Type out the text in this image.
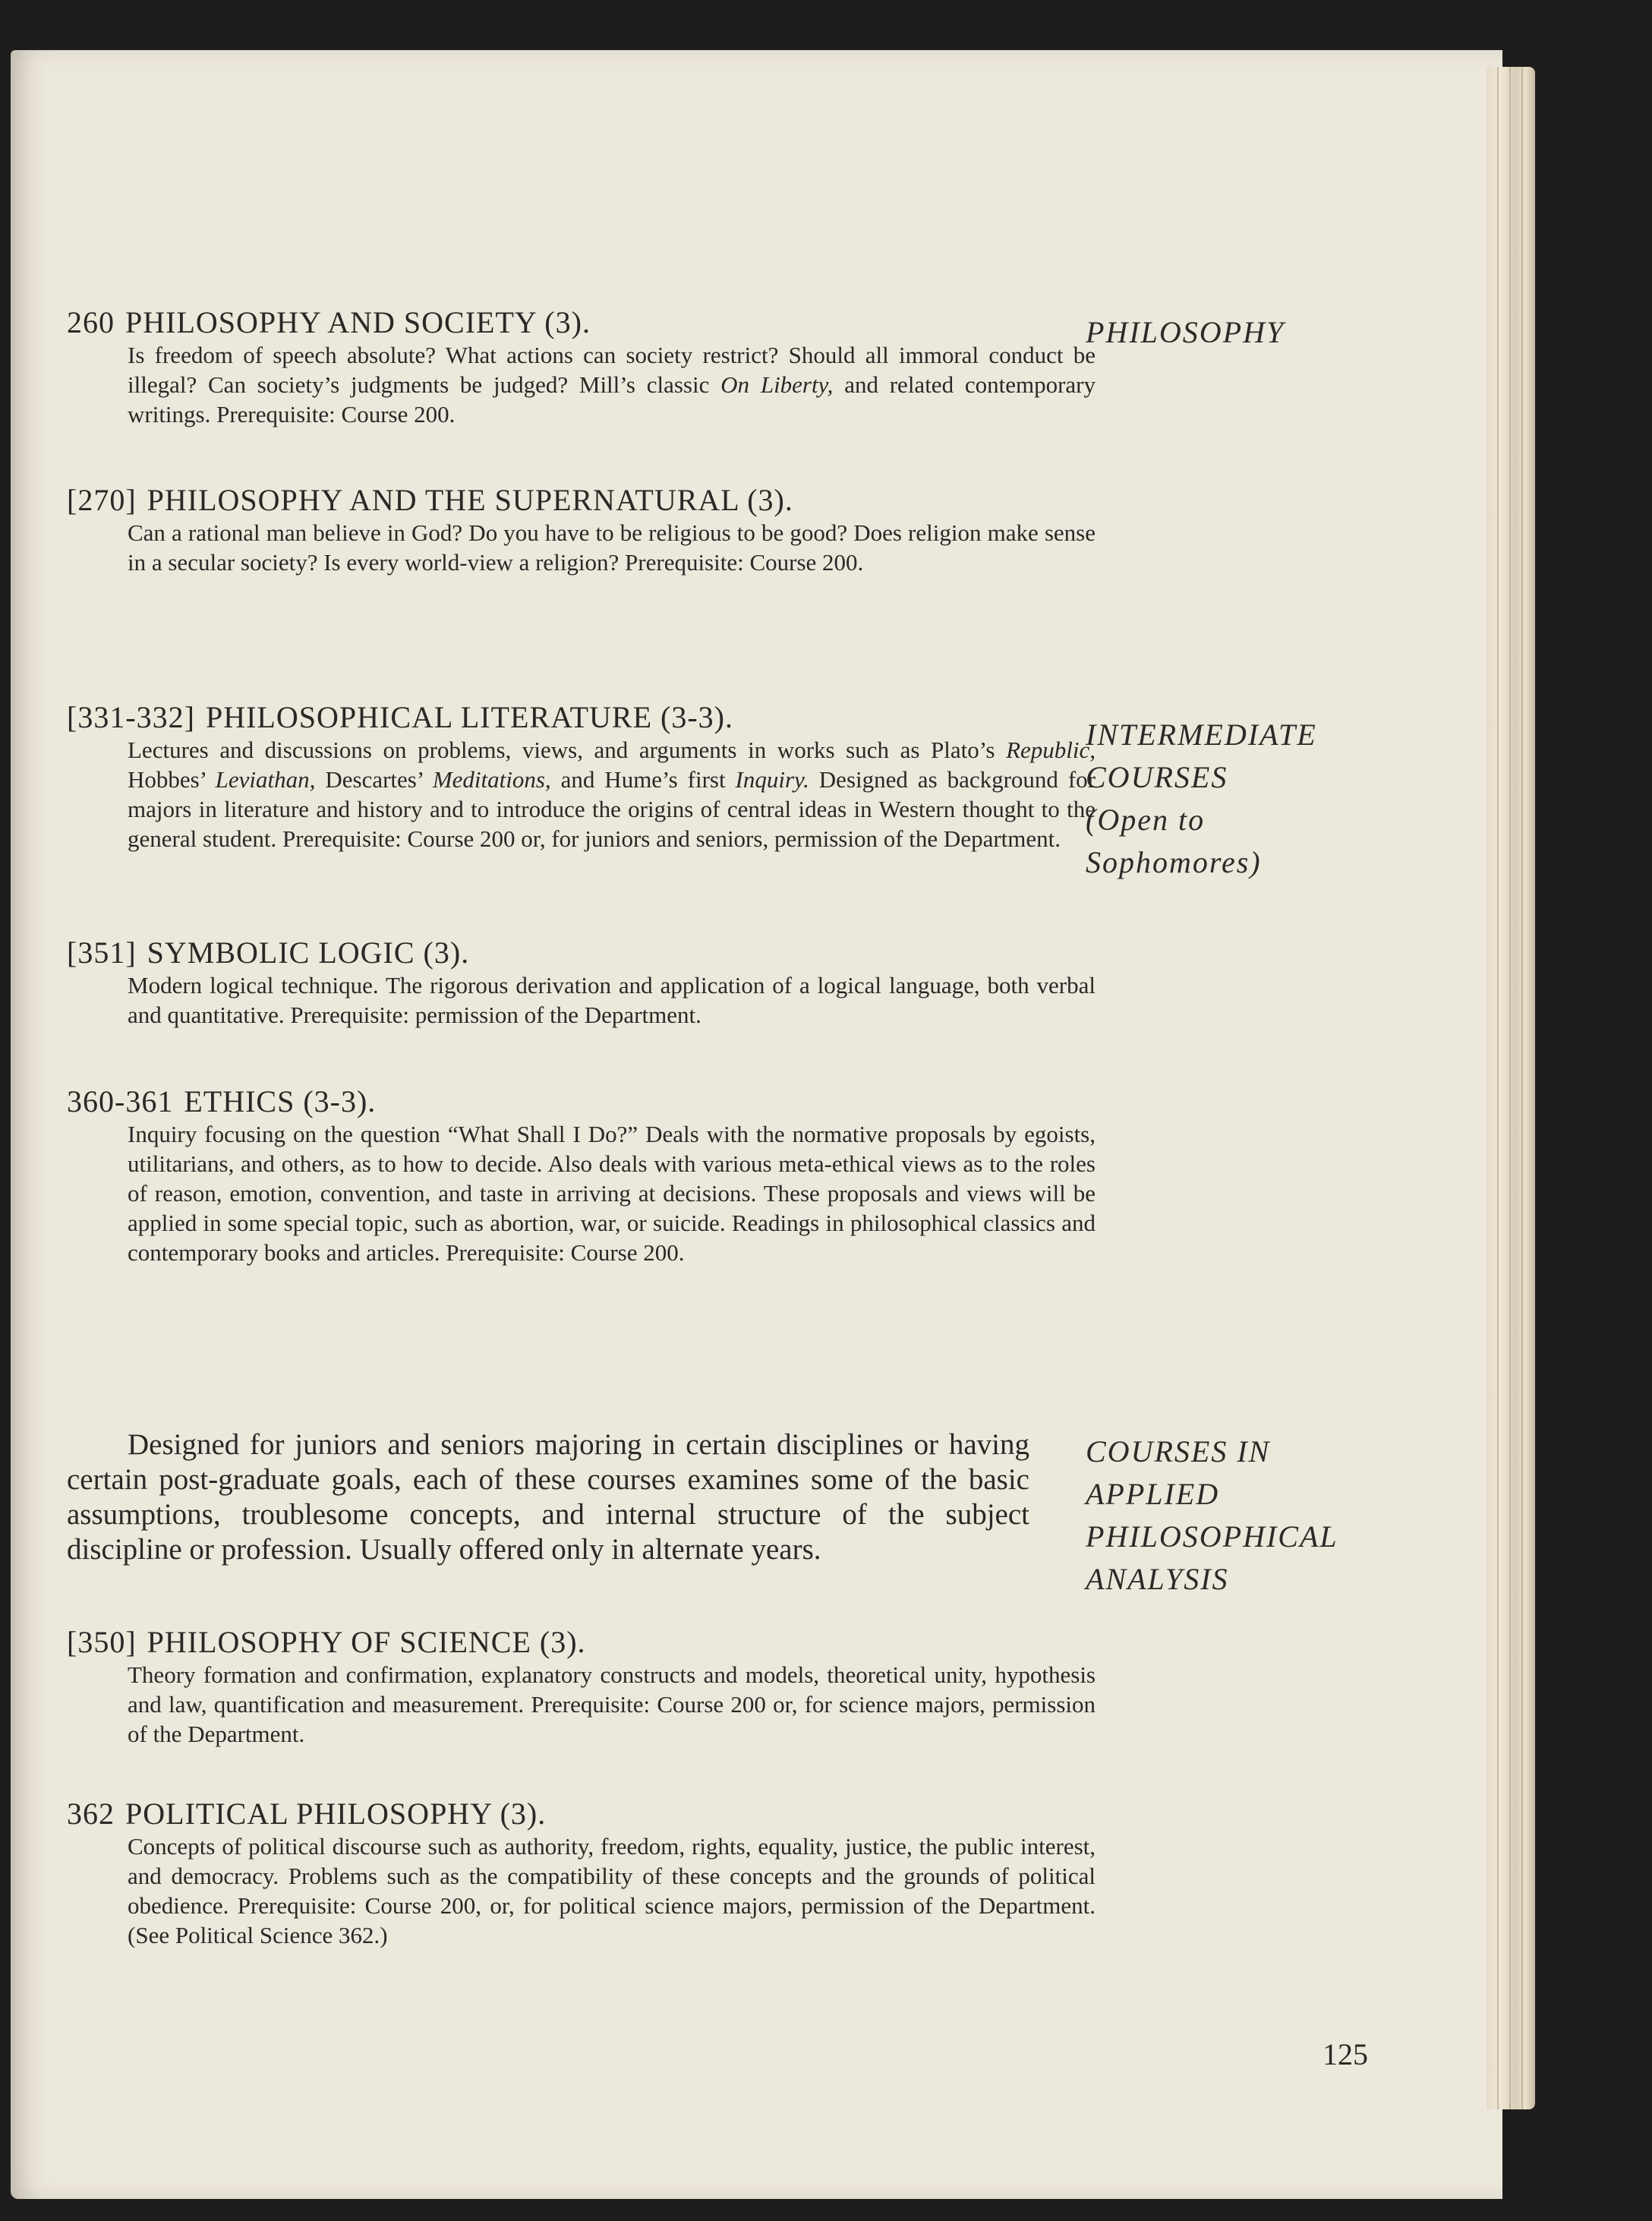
260 PHILOSOPHY AND SOCIETY (3).

Is freedom of speech absolute? What actions can society restrict? Should all immoral conduct be illegal? Can society’s judgments be judged? Mill’s classic On Liberty, and related contemporary writings. Prerequisite: Course 200.

[270] PHILOSOPHY AND THE SUPERNATURAL (3).

Can a rational man believe in God? Do you have to be religious to be good? Does religion make sense in a secular society? Is every world-view a religion? Prerequisite: Course 200.

[331-332] PHILOSOPHICAL LITERATURE (3-3).

Lectures and discussions on problems, views, and arguments in works such as Plato’s Republic, Hobbes’ Leviathan, Descartes’ Meditations, and Hume’s first Inquiry. Designed as background for majors in literature and history and to introduce the origins of central ideas in Western thought to the general student. Prerequisite: Course 200 or, for juniors and seniors, permission of the Department.

[351] SYMBOLIC LOGIC (3).

Modern logical technique. The rigorous derivation and application of a logical language, both verbal and quantitative. Prerequisite: permission of the Department.

360-361 ETHICS (3-3).

Inquiry focusing on the question “What Shall I Do?” Deals with the normative proposals by egoists, utilitarians, and others, as to how to decide. Also deals with various meta-ethical views as to the roles of reason, emotion, convention, and taste in arriving at decisions. These proposals and views will be applied in some special topic, such as abortion, war, or suicide. Readings in philosophical classics and contemporary books and articles. Prerequisite: Course 200.

Designed for juniors and seniors majoring in certain disciplines or having certain post-graduate goals, each of these courses examines some of the basic assumptions, troublesome concepts, and internal structure of the subject discipline or profession. Usually offered only in alternate years.
[350] PHILOSOPHY OF SCIENCE (3).

Theory formation and confirmation, explanatory constructs and models, theoretical unity, hypothesis and law, quantification and measurement. Prerequisite: Course 200 or, for science majors, permission of the Department.

362 POLITICAL PHILOSOPHY (3).

Concepts of political discourse such as authority, freedom, rights, equality, justice, the public interest, and democracy. Problems such as the compatibility of these concepts and the grounds of political obedience. Prerequisite: Course 200, or, for political science majors, permission of the Department. (See Political Science 362.)

PHILOSOPHY
INTERMEDIATE
COURSES
(Open to
Sophomores)
COURSES IN
APPLIED
PHILOSOPHICAL
ANALYSIS
125
